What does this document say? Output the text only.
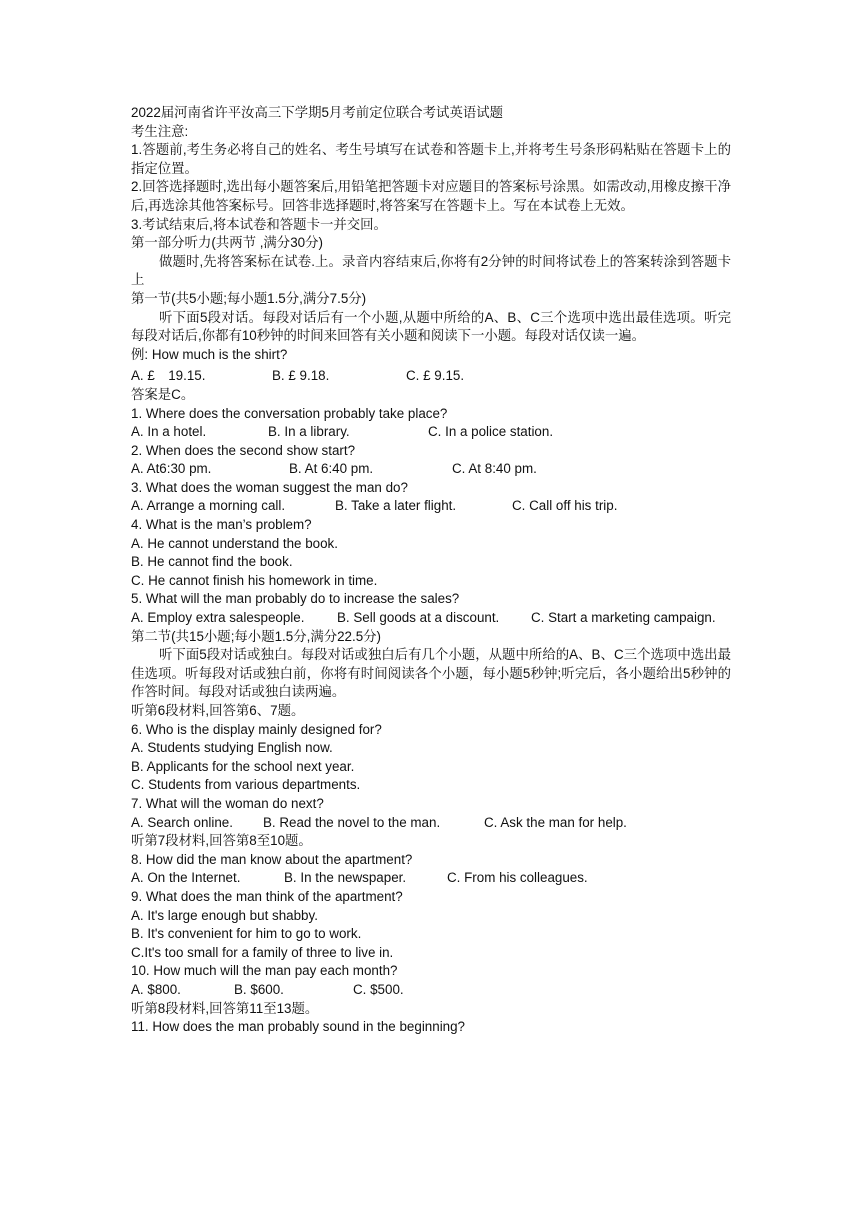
2022届河南省许平汝高三下学期5月考前定位联合考试英语试题
考生注意:
1.答题前,考生务必将自己的姓名、考生号填写在试卷和答题卡上,并将考生号条形码粘贴在答题卡上的指定位置。
2.回答选择题时,选出每小题答案后,用铅笔把答题卡对应题目的答案标号涂黑。如需改动,用橡皮擦干净后,再选涂其他答案标号。回答非选择题时,将答案写在答题卡上。写在本试卷上无效。
3.考试结束后,将本试卷和答题卡一并交回。
第一部分听力(共两节 ,满分30分)
做题时,先将答案标在试卷.上。录音内容结束后,你将有2分钟的时间将试卷上的答案转涂到答题卡上
第一节(共5小题;每小题1.5分,满分7.5分)
听下面5段对话。每段对话后有一个小题,从题中所给的A、B、C三个选项中选出最佳选项。听完每段对话后,你都有10秒钟的时间来回答有关小题和阅读下一小题。每段对话仅读一遍。
例: How much is the shirt?
A. £　19.15.	B. £ 9.18.	C. £ 9.15.
答案是C。
1. Where does the conversation probably take place?
A. In a hotel.	B. In a library.	C. In a police station.
2. When does the second show start?
A. At6:30 pm.	B. At 6:40 pm.	C. At 8:40 pm.
3. What does the woman suggest the man do?
A. Arrange a morning call.	B. Take a later flight.	C. Call off his trip.
4. What is the man’s problem?
A. He cannot understand the book.
B. He cannot find the book.
C. He cannot finish his homework in time.
5. What will the man probably do to increase the sales?
A. Employ extra salespeople.	B. Sell goods at a discount.	C. Start a marketing campaign.
第二节(共15小题;每小题1.5分,满分22.5分)
听下面5段对话或独白。每段对话或独白后有几个小题，从题中所给的A、B、C三个选项中选出最佳选项。听每段对话或独白前，你将有时间阅读各个小题，每小题5秒钟;听完后，各小题给出5秒钟的作答时间。每段对话或独白读两遍。
听第6段材料,回答第6、7题。
6. Who is the display mainly designed for?
A. Students studying English now.
B. Applicants for the school next year.
C. Students from various departments.
7. What will the woman do next?
A. Search online.	B. Read the novel to the man.	C. Ask the man for help.
听第7段材料,回答第8至10题。
8. How did the man know about the apartment?
A. On the Internet.	B. In the newspaper.	C. From his colleagues.
9. What does the man think of the apartment?
A. It's large enough but shabby.
B. It's convenient for him to go to work.
C.It's too small for a family of three to live in.
10. How much will the man pay each month?
A. $800.	B. $600.	C. $500.
听第8段材料,回答第11至13题。
11. How does the man probably sound in the beginning?
